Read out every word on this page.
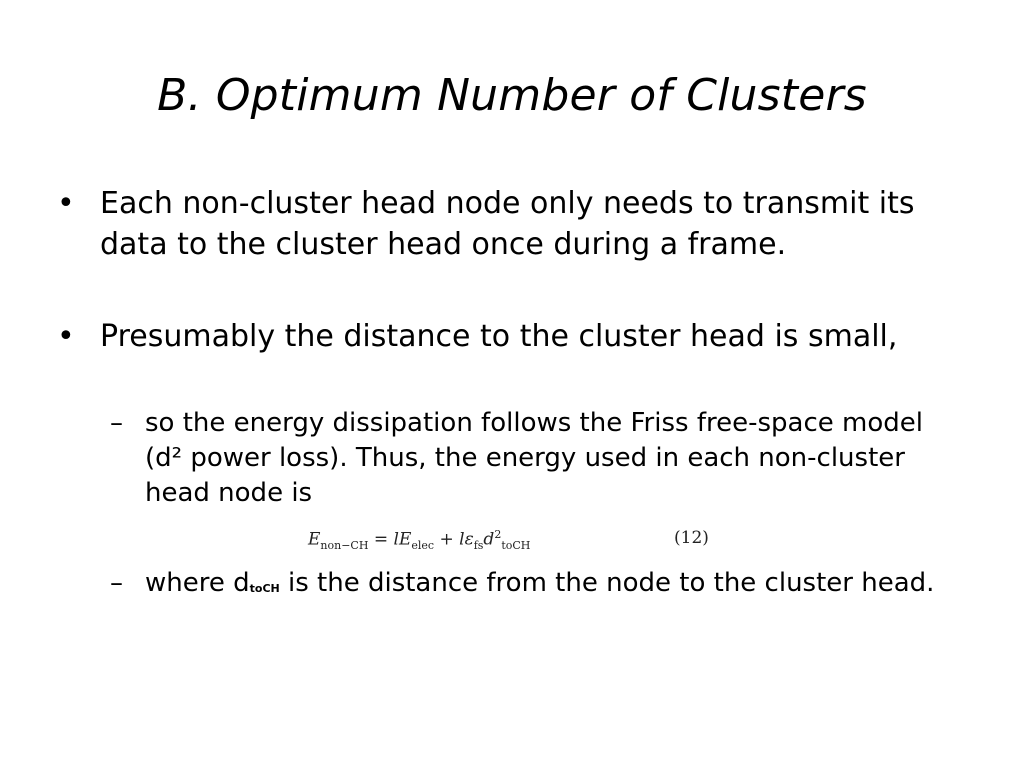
B. Optimum Number of Clusters
• Each non-cluster head node only needs to transmit its data to the cluster head once during a frame.
• Presumably the distance to the cluster head is small,
– so the energy dissipation follows the Friss free-space model (d² power loss). Thus, the energy used in each non-cluster head node is
$E_{non-CH} = lE_{elec} + l\varepsilon_{fs}d^2_{toCH}$	(12)
– where dtoCH is the distance from the node to the cluster head.
